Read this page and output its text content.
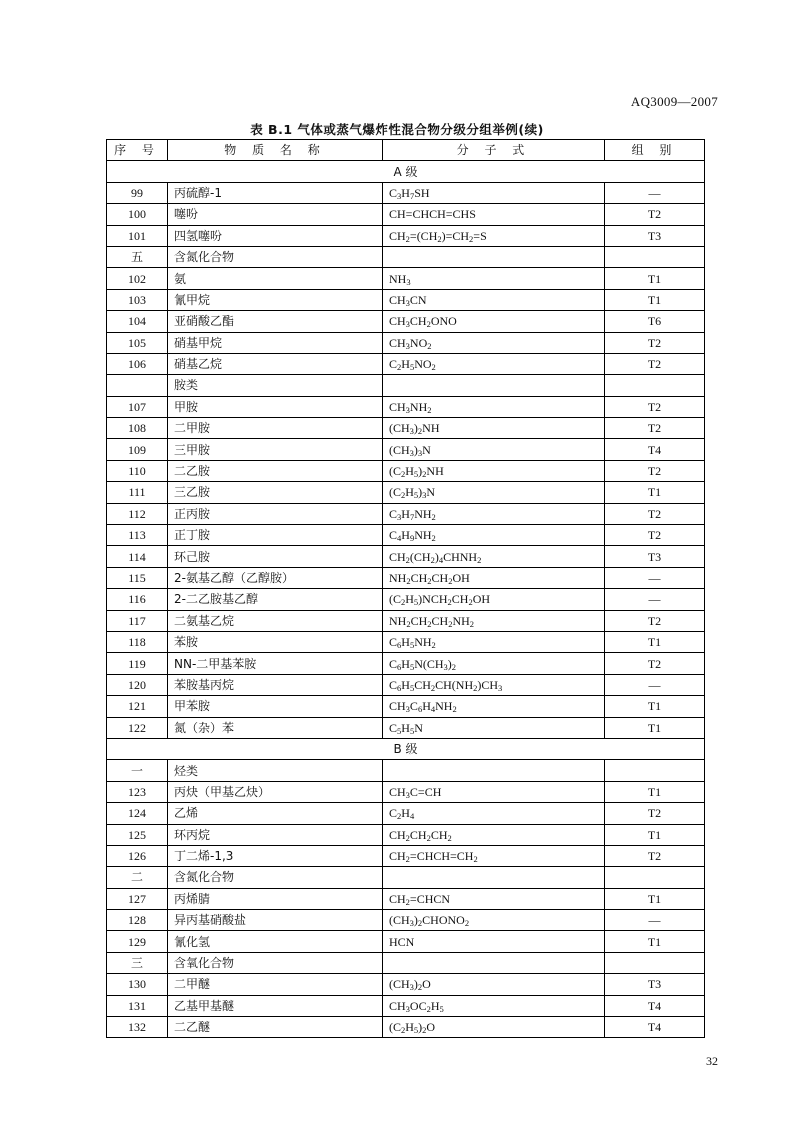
AQ3009—2007
表 B.1 气体或蒸气爆炸性混合物分级分组举例(续)
序 号	物 质 名 称	分 子 式	组 别
A 级			
99	丙硫醇-1	$C_3H_7SH$	—
100	噻吩	CH=CHCH=CHS	T2
101	四氢噻吩	$CH_2=(CH_2)=CH_2=S$	T3
五	含氮化合物		
102	氨	$NH_3$	T1
103	氰甲烷	$CH_3CN$	T1
104	亚硝酸乙酯	$CH_3CH_2ONO$	T6
105	硝基甲烷	$CH_3NO_2$	T2
106	硝基乙烷	$C_2H_5NO_2$	T2
	胺类		
107	甲胺	$CH_3NH_2$	T2
108	二甲胺	$(CH_3)_2NH$	T2
109	三甲胺	$(CH_3)_3N$	T4
110	二乙胺	$(C_2H_5)_2NH$	T2
111	三乙胺	$(C_2H_5)_3N$	T1
112	正丙胺	$C_3H_7NH_2$	T2
113	正丁胺	$C_4H_9NH_2$	T2
114	环己胺	$CH_2(CH_2)_4CHNH_2$	T3
115	2-氨基乙醇（乙醇胺）	$NH_2CH_2CH_2OH$	—
116	2-二乙胺基乙醇	$(C_2H_5)NCH_2CH_2OH$	—
117	二氨基乙烷	$NH_2CH_2CH_2NH_2$	T2
118	苯胺	$C_6H_5NH_2$	T1
119	NN-二甲基苯胺	$C_6H_5N(CH_3)_2$	T2
120	苯胺基丙烷	$C_6H_5CH_2CH(NH_2)CH_3$	—
121	甲苯胺	$CH_3C_6H_4NH_2$	T1
122	氮（杂）苯	$C_5H_5N$	T1
B 级			
一	烃类		
123	丙炔（甲基乙炔）	$CH_3C=CH$	T1
124	乙烯	$C_2H_4$	T2
125	环丙烷	$CH_2CH_2CH_2$	T1
126	丁二烯-1,3	$CH_2=CHCH=CH_2$	T2
二	含氮化合物		
127	丙烯腈	$CH_2=CHCN$	T1
128	异丙基硝酸盐	$(CH_3)_2CHONO_2$	—
129	氰化氢	HCN	T1
三	含氧化合物		
130	二甲醚	$(CH_3)_2O$	T3
131	乙基甲基醚	$CH_3OC_2H_5$	T4
132	二乙醚	$(C_2H_5)_2O$	T4
32
